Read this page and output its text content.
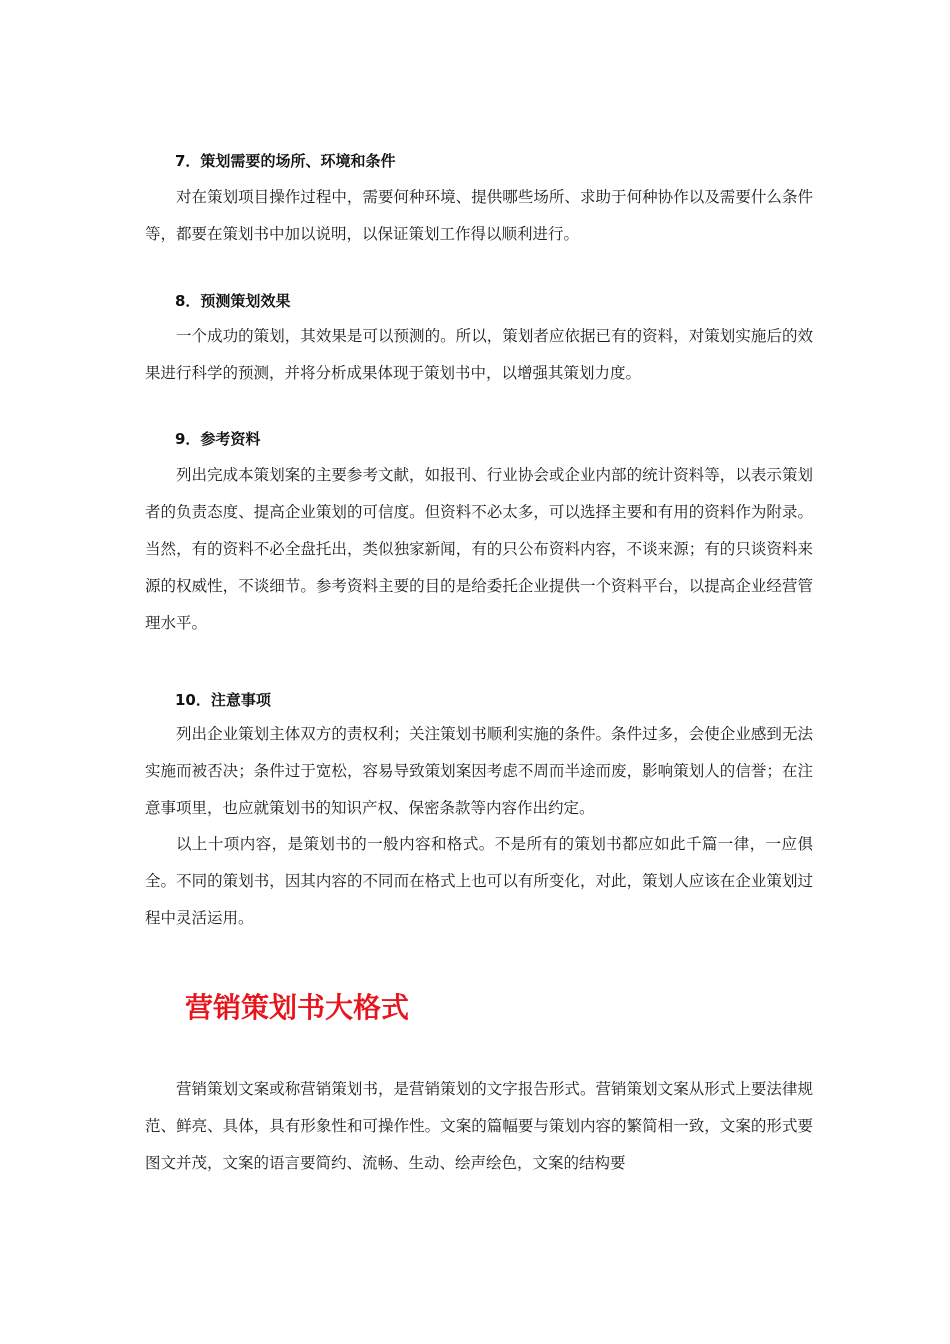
7．策划需要的场所、环境和条件

对在策划项目操作过程中，需要何种环境、提供哪些场所、求助于何种协作以及需要什么条件等，都要在策划书中加以说明，以保证策划工作得以顺利进行。

8．预测策划效果

一个成功的策划，其效果是可以预测的。所以，策划者应依据已有的资料，对策划实施后的效果进行科学的预测，并将分析成果体现于策划书中，以增强其策划力度。

9．参考资料

列出完成本策划案的主要参考文献，如报刊、行业协会或企业内部的统计资料等，以表示策划者的负责态度、提高企业策划的可信度。但资料不必太多，可以选择主要和有用的资料作为附录。当然，有的资料不必全盘托出，类似独家新闻，有的只公布资料内容，不谈来源；有的只谈资料来源的权威性，不谈细节。参考资料主要的目的是给委托企业提供一个资料平台，以提高企业经营管理水平。

10．注意事项

列出企业策划主体双方的责权利；关注策划书顺利实施的条件。条件过多，会使企业感到无法实施而被否决；条件过于宽松，容易导致策划案因考虑不周而半途而废，影响策划人的信誉；在注意事项里，也应就策划书的知识产权、保密条款等内容作出约定。

以上十项内容，是策划书的一般内容和格式。不是所有的策划书都应如此千篇一律，一应俱全。不同的策划书，因其内容的不同而在格式上也可以有所变化，对此，策划人应该在企业策划过程中灵活运用。

营销策划书大格式

营销策划文案或称营销策划书，是营销策划的文字报告形式。营销策划文案从形式上要法律规范、鲜亮、具体，具有形象性和可操作性。文案的篇幅要与策划内容的繁简相一致，文案的形式要图文并茂，文案的语言要简约、流畅、生动、绘声绘色，文案的结构要
